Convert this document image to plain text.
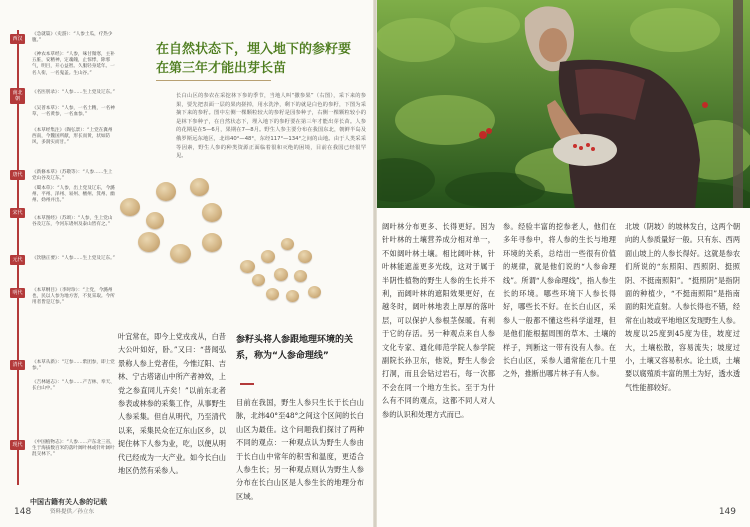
西汉
南北朝
唐代
宋代
元代
明代
清代
现代
《急就篇》（史游）：“人参土瓜，疗热少腹。”
《神农本草经》：“人参，味甘微寒，主补五脏，安精神，定魂魄，止惊悸，除邪气，明目，开心益智。久服轻身延年。一名人衔，一名鬼盖。生山谷。”
《名医别录》：“人参……生上党及辽东。”
《吴普本草》：“人参，一名土精，一名神草，一名黄参，一名血参。”
《本草经集注》（陶弘景）：“上党在冀州西南，今魏国所献，形长而黄，状如防风，多润实而甘。”
《新修本草》（苏敬等）：“人参……生上党山谷及辽东。”
《蜀本草》：“人参，出上党及辽东，今潞州、平州、泽州、易州、檀州、箕州、幽州、妫州并出。”
《本草图经》（苏颂）：“人参，生上党山谷及辽东，今河东诸州及泰山皆有之。”
《饮膳正要》：“人参……生上党及辽东。”
《本草纲目》（李时珍）：“上党，今潞州也，民以人参为地方害，不复采取。今所用者皆是辽参。”
《本草从新》：“辽参……紫团参，即上党参。”
《吉林通志》：“人参……产吉林、奉天、长白山中。”
《中国植物志》：“人参……产东北三省，生于海拔数百米的落叶阔叶林或针叶阔叶混交林下。”
中国古籍有关人参的记载
资料提供／孙立东
在自然状态下，埋入地下的参籽要
在第三年才能出芽长苗
长白山区的参农在采挖林下参的季节，当地人叫“撒参果”（右图），采下来的参果，要先把表面一层的果肉搓掉，用水洗净，剩下的就是白色的参籽，下图为采摘下来的参籽。图中左侧一棵颗粒较大的参籽是园参种子，右侧一棵颗粒较小的是林下参种子，在自然状态下，埋入地下的参籽要在第三年才能出芽长苗。人参的花期是在5—6月，果期在7—8月。野生人参主要分布在我国东北，朝鲜半岛及俄罗斯远东地区，北纬40°—48°，东经117°—134°之间的山地。由于人类采采等因素，野生人参的种类资源正面临着很和灭绝的困境，目前在我国已经很罕见。
叶宜常在，即今上党戎戎从，白昔大公叶如好，卧。”又曰：“普闻弘景称人参上党者佳，今惟辽阳、吉林、宁古塔诸山中所产者神效，上党之参直同儿卉矣！”以前东北者参表或林参的采集工作，从事野生人参采集。但自从明代，乃至清代以来，采集民众在辽东山区乡，以捉住林下人参为业，吃，以便从明代已经成为一大产业。如今长白山地区仍然有采参人。
参籽头将人参跟地理环境的关系，称为“人参命理线”
目前在我国，野生人参只生长于长白山脉，北纬40°至48°之间这个区间的长白山区为最佳。这个问题我们探讨了两种不同的观点：一种观点认为野生人参由于长白山中常年的积雪和温度，更适合人参生长；另一种观点则认为野生人参分布在长白山区是人参生长的地理分布区域。
148
阔叶林分布更多、长得更好。因为针叶林的土壤营养成分相对单一，不如阔叶林土壤。相比阔叶林，针叶林能遮盖更多光线，这对于属于半阴性植物的野生人参的生长并不利，而阔叶林的遮阳效果更好，在越冬时，阔叶林地表上厚厚的落叶层，可以保护人参根茎保暖。有利于它的存活。另一种观点来自人参文化专家、通化师范学院人参学院副院长孙卫东，他说，野生人参会打洞，而且会钻过岩石，每一次都不会在同一个地方生长。至于为什么有不同的观点，这都不同人对人参的认识和处理方式而已。
参。经验丰富的挖参老人，他们在多年寻参中，将人参的生长与地理环境的关系，总结出一些很有价值的规律，就是他们说的“人参命理线”。所谓“人参命理线”，指人参生长的环境。哪些环境下人参长得好，哪些长不好。在长白山区，采参人一般都不懂这些科学道理，但是他们能根据周围的草木、土壤的样子，判断这一带有没有人参。在长白山区，采参人通常能在几十里之外，推断出哪片林子有人参。
北坡（阴坡）的坡林发白，这两个朝向的人参质量好一般。只有东、西两面山坡上的人参长得好。这就是参农们所说的“东照阳、西照阴、挺照阴、不挺南照阳”。“挺照阴”是指阴面的种植少，“不挺南照阳”是指南面的阳光直射。人参长得也不错，经常在山坡或平地地区发现野生人参。坡度以25度到45度为佳，坡度过大，土壤松散，容易流失；坡度过小，土壤又容易积水。论土质，土壤要以腐殖质丰富的黑土为好，透水透气性能都较好。
149
